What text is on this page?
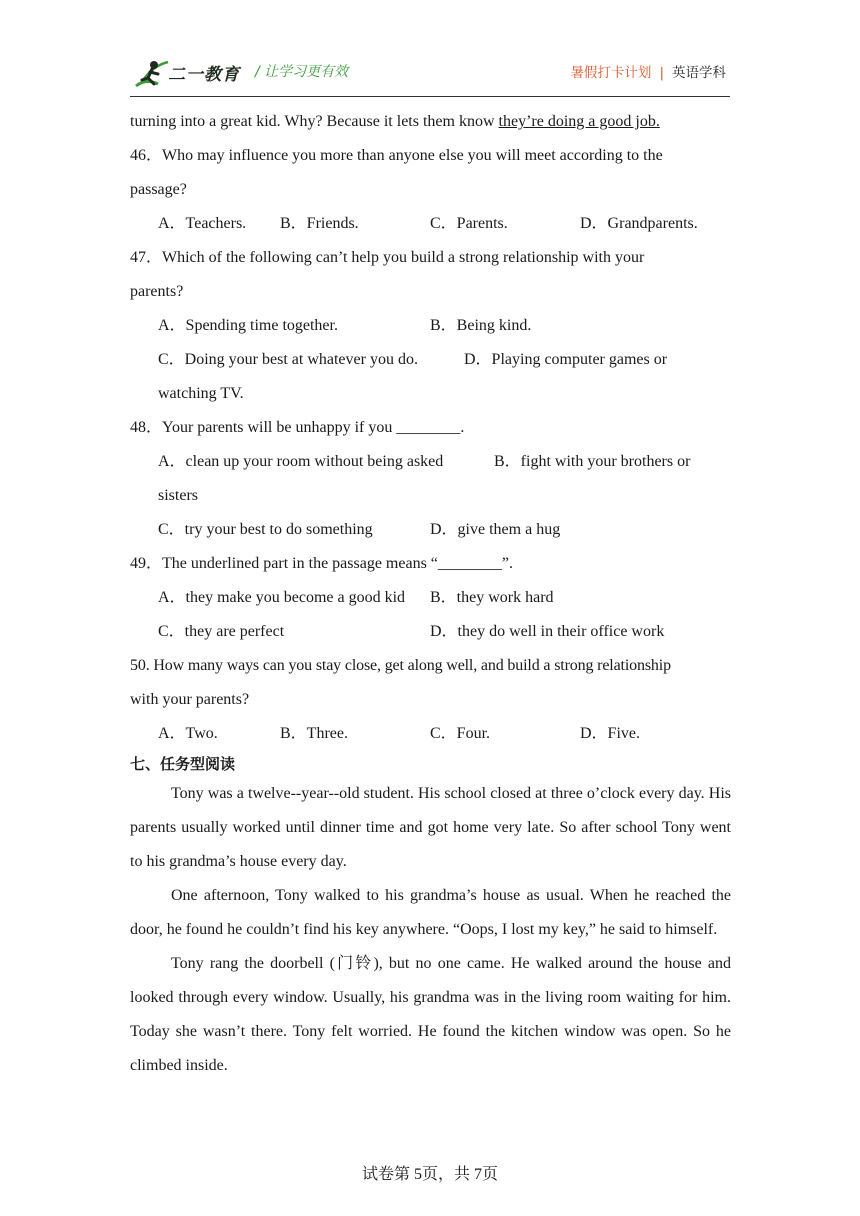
二一教育 / 让学习更有效	暑假打卡计划 | 英语学科
turning into a great kid. Why? Because it lets them know they’re doing a good job.
46．Who may influence you more than anyone else you will meet according to the
passage?
A．Teachers. B．Friends.	C．Parents.	D．Grandparents.
47．Which of the following can’t help you build a strong relationship with your
parents?
A．Spending time together.	B．Being kind.
C．Doing your best at whatever you do.	D．Playing computer games or
watching TV.
48．Your parents will be unhappy if you ________.
A．clean up your room without being asked	B．fight with your brothers or
sisters
C．try your best to do something	D．give them a hug
49．The underlined part in the passage means “________”.
A．they make you become a good kid B．they work hard
C．they are perfect	D．they do well in their office work
50. How many ways can you stay close, get along well, and build a strong relationship
with your parents?
A．Two.	B．Three.	C．Four.	D．Five.
七、任务型阅读

Tony was a twelve--year--old student. His school closed at three o’clock every day. His parents usually worked until dinner time and got home very late. So after school Tony went to his grandma’s house every day.

One afternoon, Tony walked to his grandma’s house as usual. When he reached the door, he found he couldn’t find his key anywhere. “Oops, I lost my key,” he said to himself.

Tony rang the doorbell (门铃), but no one came. He walked around the house and looked through every window. Usually, his grandma was in the living room waiting for him. Today she wasn’t there. Tony felt worried. He found the kitchen window was open. So he climbed inside.

试卷第 5页，共 7页
